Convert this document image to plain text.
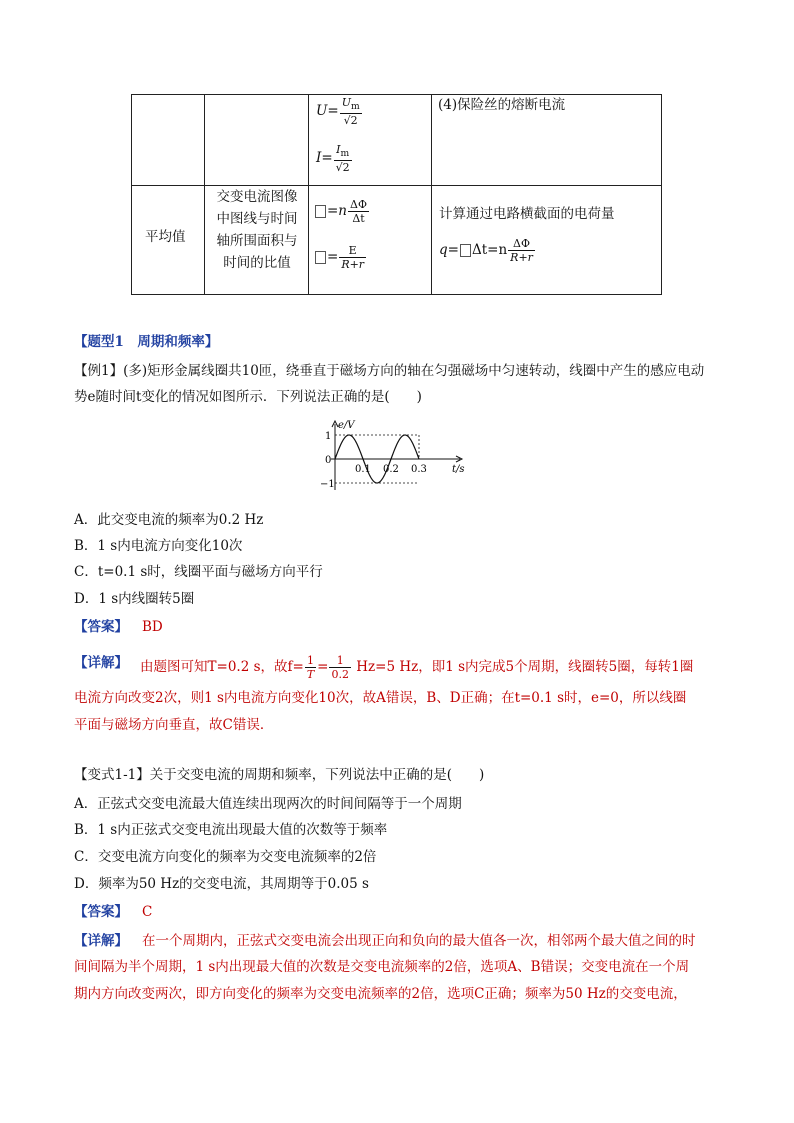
$U= \frac{U_m}{√2}$
$I= \frac{I_m}{√2}$
(4)保险丝的熔断电流
平均值
交变电流图像
中图线与时间
轴所围面积与
时间的比值
$=n \frac{\Delta\Phi}{\Delta t}$
= $\frac{E}{R+r}$
计算通过电路横截面的电荷量
$q= \Delta t=n \frac{\Delta\Phi}{R+r}$
【题型1　周期和频率】
【例1】(多)矩形金属线圈共10匝，绕垂直于磁场方向的轴在匀强磁场中匀速转动，线圈中产生的感应电动
势e随时间t变化的情况如图所示．下列说法正确的是(　　)
e/V
t/s
1
0
−1
0.1 0.2 0.3
A．此交变电流的频率为0.2 Hz
B．1 s内电流方向变化10次
C．t=0.1 s时，线圈平面与磁场方向平行
D．1 s内线圈转5圈
【答案】 BD
【详解】 由题图可知T=0.2 s，故$f= \frac{1}{T} = \frac{1}{0.2} Hz=5$ Hz，即1 s内完成5个周期，线圈转5圈，每转1圈
电流方向改变2次，则1 s内电流方向变化10次，故A错误，B、D正确；在t=0.1 s时，e=0，所以线圈
平面与磁场方向垂直，故C错误．
【变式1-1】关于交变电流的周期和频率，下列说法中正确的是(　　)
A．正弦式交变电流最大值连续出现两次的时间间隔等于一个周期
B．1 s内正弦式交变电流出现最大值的次数等于频率
C．交变电流方向变化的频率为交变电流频率的2倍
D．频率为50 Hz的交变电流，其周期等于0.05 s
【答案】 C
【详解】 在一个周期内，正弦式交变电流会出现正向和负向的最大值各一次，相邻两个最大值之间的时
间间隔为半个周期，1 s内出现最大值的次数是交变电流频率的2倍，选项A、B错误；交变电流在一个周
期内方向改变两次，即方向变化的频率为交变电流频率的2倍，选项C正确；频率为50 Hz的交变电流，
